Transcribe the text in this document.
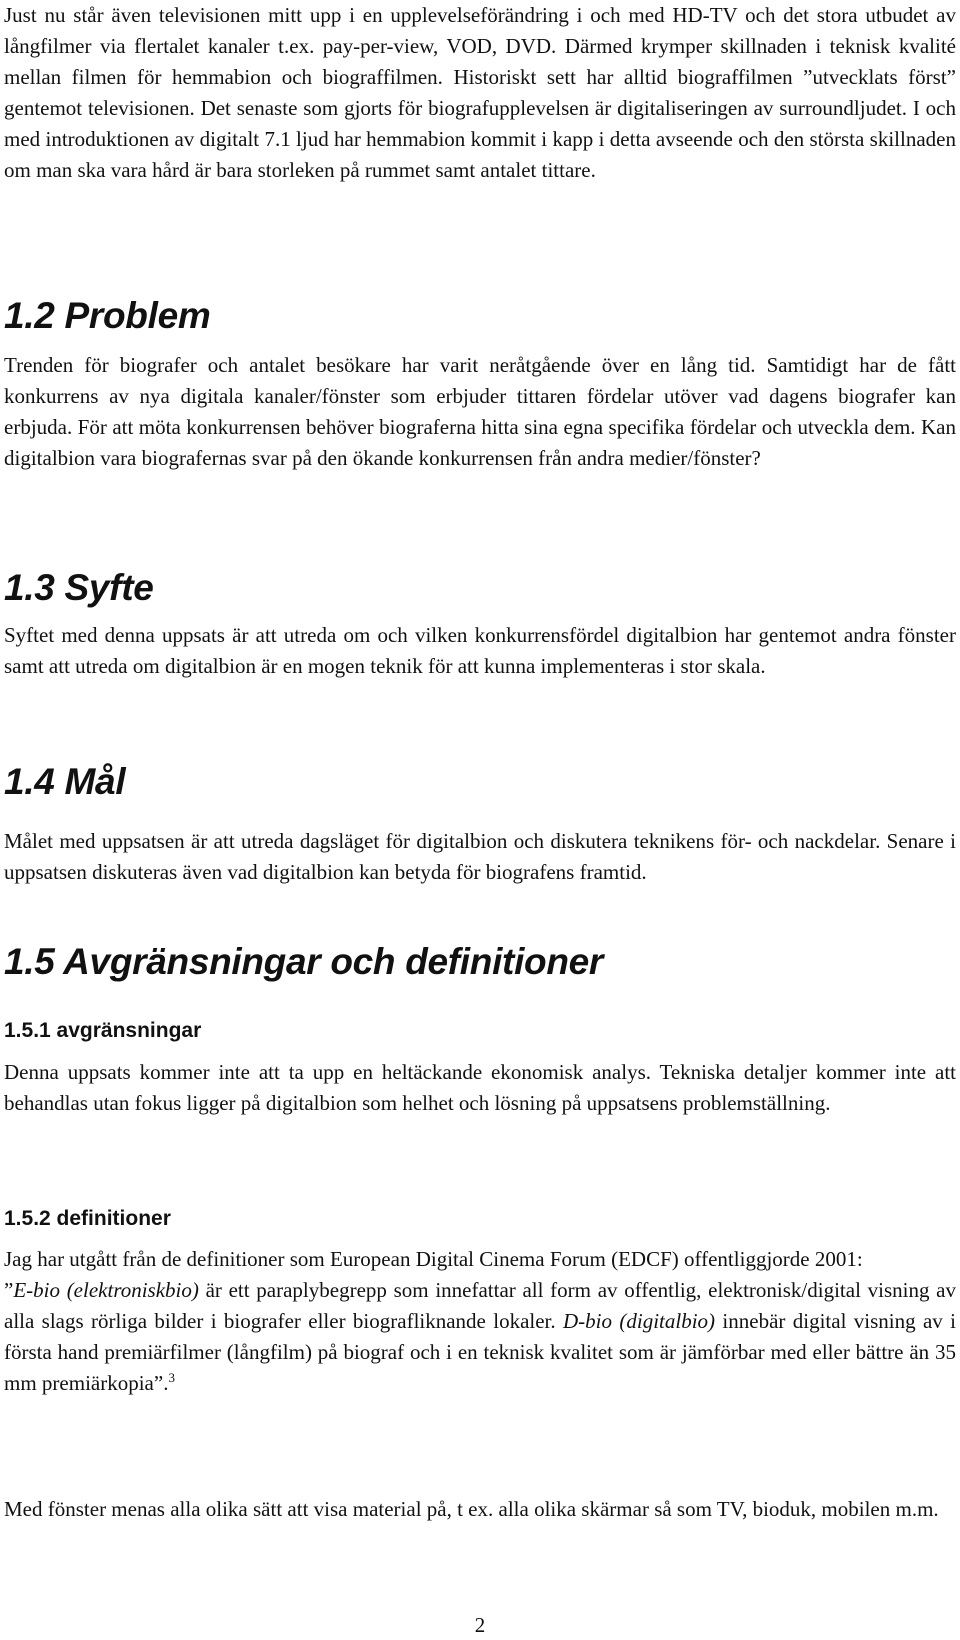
Just nu står även televisionen mitt upp i en upplevelseförändring i och med HD-TV och det stora utbudet av långfilmer via flertalet kanaler t.ex. pay-per-view, VOD, DVD. Därmed krymper skillnaden i teknisk kvalité mellan filmen för hemmabion och biograffilmen. Historiskt sett har alltid biograffilmen ”utvecklats först” gentemot televisionen. Det senaste som gjorts för biografupplevelsen är digitaliseringen av surroundljudet. I och med introduktionen av digitalt 7.1 ljud har hemmabion kommit i kapp i detta avseende och den största skillnaden om man ska vara hård är bara storleken på rummet samt antalet tittare.

1.2 Problem

Trenden för biografer och antalet besökare har varit neråtgående över en lång tid. Samtidigt har de fått konkurrens av nya digitala kanaler/fönster som erbjuder tittaren fördelar utöver vad dagens biografer kan erbjuda. För att möta konkurrensen behöver biograferna hitta sina egna specifika fördelar och utveckla dem. Kan digitalbion vara biografernas svar på den ökande konkurrensen från andra medier/fönster?

1.3 Syfte

Syftet med denna uppsats är att utreda om och vilken konkurrensfördel digitalbion har gentemot andra fönster samt att utreda om digitalbion är en mogen teknik för att kunna implementeras i stor skala.

1.4 Mål

Målet med uppsatsen är att utreda dagsläget för digitalbion och diskutera teknikens för- och nackdelar. Senare i uppsatsen diskuteras även vad digitalbion kan betyda för biografens framtid.

1.5 Avgränsningar och definitioner
1.5.1 avgränsningar

Denna uppsats kommer inte att ta upp en heltäckande ekonomisk analys. Tekniska detaljer kommer inte att behandlas utan fokus ligger på digitalbion som helhet och lösning på uppsatsens problemställning.

1.5.2 definitioner

Jag har utgått från de definitioner som European Digital Cinema Forum (EDCF) offentliggjorde 2001:
”E-bio (elektroniskbio) är ett paraplybegrepp som innefattar all form av offentlig, elektronisk/digital visning av alla slags rörliga bilder i biografer eller biografliknande lokaler. D-bio (digitalbio) innebär digital visning av i första hand premiärfilmer (långfilm) på biograf och i en teknisk kvalitet som är jämförbar med eller bättre än 35 mm premiärkopia”.$^3$

Med fönster menas alla olika sätt att visa material på, t ex. alla olika skärmar så som TV, bioduk, mobilen m.m.

2
